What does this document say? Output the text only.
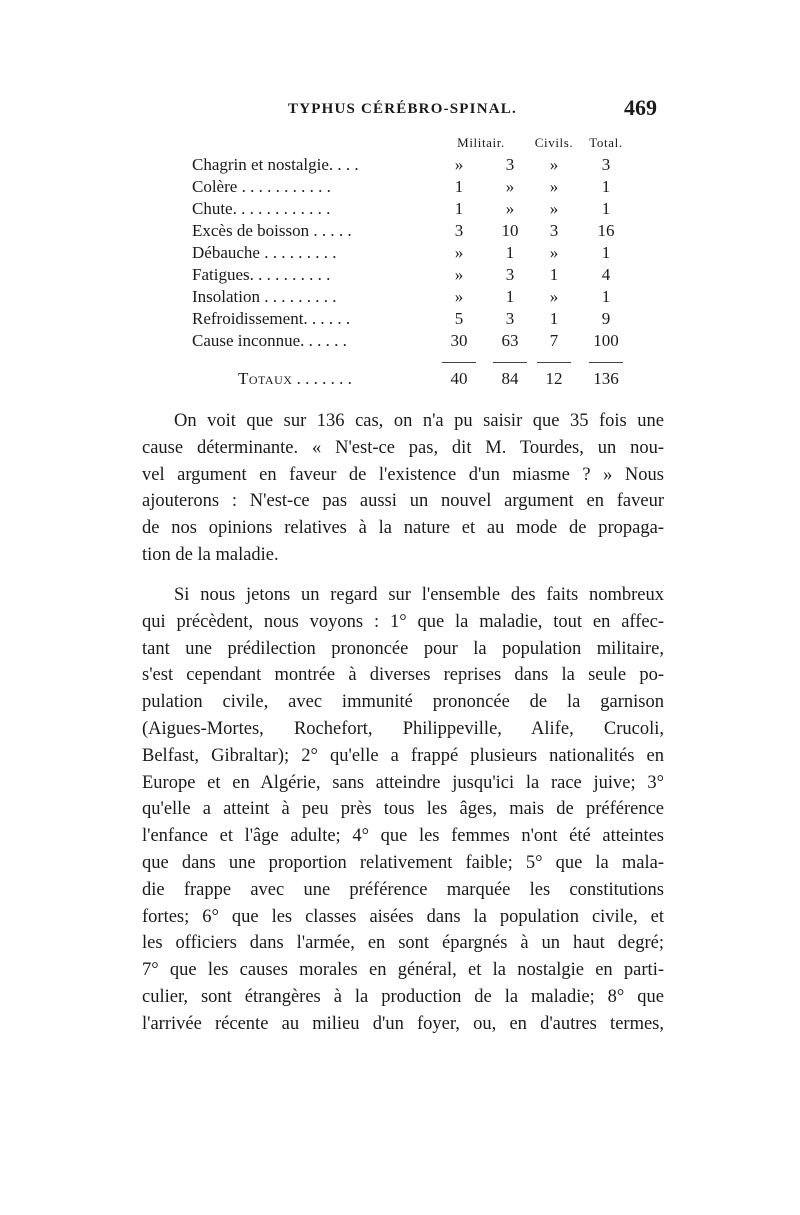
TYPHUS CÉRÉBRO-SPINAL.	469
	Militair.		Civils.	Total.
Chagrin et nostalgie. . . .	»	3	»	3
Colère . . . . . . . . . . .	1	»	»	1
Chute. . . . . . . . . . . .	1	»	»	1
Excès de boisson . . . . .	3	10	3	16
Débauche . . . . . . . . .	»	1	»	1
Fatigues. . . . . . . . . .	»	3	1	4
Insolation . . . . . . . . .	»	1	»	1
Refroidissement. . . . . .	5	3	1	9
Cause inconnue. . . . . .	30	63	7	100

Totaux . . . . . . .	40	84	12	136
On voit que sur 136 cas, on n'a pu saisir que 35 fois une
cause déterminante. « N'est-ce pas, dit M. Tourdes, un nou-
vel argument en faveur de l'existence d'un miasme ? » Nous
ajouterons : N'est-ce pas aussi un nouvel argument en faveur
de nos opinions relatives à la nature et au mode de propaga-
tion de la maladie.
Si nous jetons un regard sur l'ensemble des faits nombreux
qui précèdent, nous voyons : 1° que la maladie, tout en affec-
tant une prédilection prononcée pour la population militaire,
s'est cependant montrée à diverses reprises dans la seule po-
pulation civile, avec immunité prononcée de la garnison
(Aigues-Mortes, Rochefort, Philippeville, Alife, Crucoli,
Belfast, Gibraltar); 2° qu'elle a frappé plusieurs nationalités en
Europe et en Algérie, sans atteindre jusqu'ici la race juive; 3°
qu'elle a atteint à peu près tous les âges, mais de préférence
l'enfance et l'âge adulte; 4° que les femmes n'ont été atteintes
que dans une proportion relativement faible; 5° que la mala-
die frappe avec une préférence marquée les constitutions
fortes; 6° que les classes aisées dans la population civile, et
les officiers dans l'armée, en sont épargnés à un haut degré;
7° que les causes morales en général, et la nostalgie en parti-
culier, sont étrangères à la production de la maladie; 8° que
l'arrivée récente au milieu d'un foyer, ou, en d'autres termes,
